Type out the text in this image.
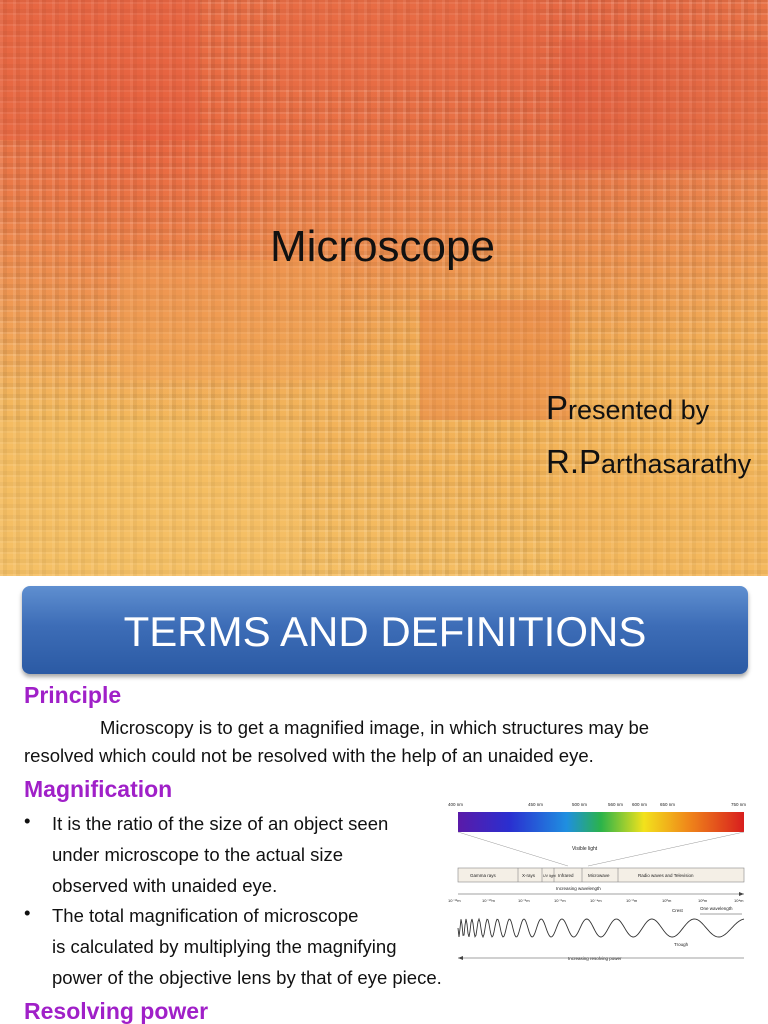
Microscope
Presented by
R.Parthasarathy
TERMS AND DEFINITIONS
Principle
Microscopy is to get a magnified image, in which structures may be
resolved which could not be resolved with the help of an unaided eye.
Magnification
• It is the ratio of the size of an object seen
under microscope to the actual size
observed with unaided eye.
• The total magnification of microscope
is calculated by multiplying the magnifying
power of the objective lens by that of eye piece.
Resolving power
400 nm	450 nm	500 nm	560 nm 600 nm	650 nm	750 nm
Visible light
Gamma rays	X-rays UV light Infrared	Microwave	Radio waves and Television
Increasing wavelength
10⁻¹²m	10⁻¹⁰m	10⁻⁸m	10⁻⁶m	10⁻⁴m	10⁻²m	10⁰m	10²m	10⁴m
Crest	One wavelength
Trough
Increasing resolving power
